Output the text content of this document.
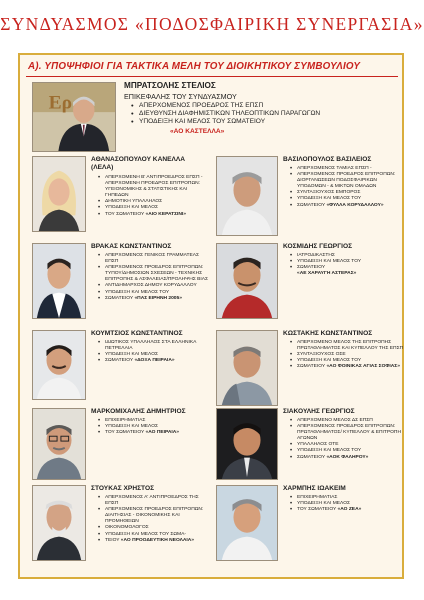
ΣΥΝΔΥΑΣΜΟΣ «ΠΟΔΟΣΦΑΙΡΙΚΗ ΣΥΝΕΡΓΑΣΙΑ»
Α). ΥΠΟΨΗΦΙΟΙ ΓΙΑ ΤΑΚΤΙΚΑ ΜΕΛΗ ΤΟΥ ΔΙΟΙΚΗΤΙΚΟΥ ΣΥΜΒΟΥΛΙΟΥ
Ερ
ΜΠΡΑΤΣΟΛΗΣ ΣΤΕΛΙΟΣ
ΕΠΙΚΕΦΑΛΗΣ ΤΟΥ ΣΥΝΔΥΑΣΜΟΥ
• ΑΠΕΡΧΟΜΕΝΟΣ ΠΡΟΕΔΡΟΣ ΤΗΣ ΕΠΣΠ
• ΔΙΕΥΘΥΝΣΗ ΔΙΑΦΗΜΙΣΤΙΚΩΝ ΤΗΛΕΟΠΤΙΚΩΝ ΠΑΡΑΓΩΓΩΝ
• ΥΠΟΔΕΙΞΗ ΚΑΙ ΜΕΛΟΣ ΤΟΥ ΣΩΜΑΤΕΙΟΥ
«ΑΟ ΚΑΣΤΕΛΛΑ»
ΑΘΑΝΑΣΟΠΟΥΛΟΥ ΚΑΝΕΛΛΑ
(ΛΕΛΑ)
• ΑΠΕΡΧΟΜΕΝΗ Β' ΑΝΤΙΠΡΟΕΔΡΟΣ ΕΠΣΠ - ΑΠΕΡΧΟΜΕΝΗ ΠΡΟΕΔΡΟΣ ΕΠΙΤΡΟΠΩΝ: ΥΓΕΙΟΝΟΜΙΚΗΣ & ΣΤΑΤΙΣΤΙΚΗΣ ΚΑΙ ΓΗΠΕΔΩΝ
• ΔΗΜΟΤΙΚΗ ΥΠΑΛΛΗΛΟΣ
• ΥΠΟΔΕΙΞΗ ΚΑΙ ΜΕΛΟΣ
• ΤΟΥ ΣΩΜΑΤΕΙΟΥ «ΑΙΟ ΚΕΡΑΤΣΙΝΙ»
ΒΡΑΚΑΣ ΚΩΝΣΤΑΝΤΙΝΟΣ
• ΑΠΕΡΧΟΜΕΝΟΣ ΓΕΝΙΚΟΣ ΓΡΑΜΜΑΤΕΑΣ ΕΠΣΠ
• ΑΠΕΡΧΟΜΕΝΟΣ ΠΡΟΕΔΡΟΣ ΕΠΙΤΡΟΠΩΝ: ΤΥΠΟΥ/ΔΗΜΟΣΙΩΝ ΣΧΕΣΕΩΝ - ΤΕΧΝΙΚΗΣ ΕΠΙΤΡΟΠΗΣ & ΑΣΦΑΛΕΙΑΣ/ΠΡΟΛΗΨΗΣ ΒΙΑΣ
• ΑΝΤΙΔΗΜΑΡΧΟΣ ΔΗΜΟΥ ΚΟΡΥΔΑΛΛΟΥ
• ΥΠΟΔΕΙΞΗ ΚΑΙ ΜΕΛΟΣ ΤΟΥ
• ΣΩΜΑΤΕΙΟΥ «ΠΑΣ ΕΙΡΗΝΗ 2005»
ΚΟΥΜΤΣΙΟΣ ΚΩΝΣΤΑΝΤΙΝΟΣ
• ΙΔΙΩΤΙΚΟΣ ΥΠΑΛΛΗΛΟΣ ΣΤΑ ΕΛΛΗΝΙΚΑ ΠΕΤΡΕΛΑΙΑ
• ΥΠΟΔΕΙΞΗ ΚΑΙ ΜΕΛΟΣ
• ΣΩΜΑΤΕΙΟΥ «ΔΟΞΑ ΠΕΙΡΑΙΑ»
ΜΑΡΚΟΜΙΧΑΛΗΣ ΔΗΜΗΤΡΙΟΣ
• ΕΠΙΧΕΙΡΗΜΑΤΙΑΣ
• ΥΠΟΔΕΙΞΗ ΚΑΙ ΜΕΛΟΣ
• ΤΟΥ ΣΩΜΑΤΕΙΟΥ «ΑΟ ΠΕΙΡΑΙΑ»
ΣΤΟΥΚΑΣ ΧΡΗΣΤΟΣ
• ΑΠΕΡΧΟΜΕΝΟΣ Α' ΑΝΤΙΠΡΟΕΔΡΟΣ ΤΗΣ ΕΠΣΠ
• ΑΠΕΡΧΟΜΕΝΟΣ ΠΡΟΕΔΡΟΣ ΕΠΙΤΡΟΠΩΝ: ΔΙΑΙΤΗΣΙΑΣ - ΟΙΚΟΝΟΜΙΚΗΣ ΚΑΙ ΠΡΟΜΗΘΕΙΩΝ
• ΟΙΚΟΝΟΜΟΛΟΓΟΣ
• ΥΠΟΔΕΙΞΗ ΚΑΙ ΜΕΛΟΣ ΤΟΥ ΣΩΜΑ-
• ΤΕΙΟΥ «ΑΟ ΠΡΟΟΔΕΥΤΙΚΗ ΝΕΟΛΑΙΑ»
ΒΑΣΙΛΟΠΟΥΛΟΣ ΒΑΣΙΛΕΙΟΣ
• ΑΠΕΡΧΟΜΕΝΟΣ ΤΑΜΙΑΣ ΕΠΣΠ -
• ΑΠΕΡΧΟΜΕΝΟΣ ΠΡΟΕΔΡΟΣ ΕΠΙΤΡΟΠΩΝ: ΔΙΟΡΓΑΝΩΣΕΩΝ ΠΟΔΟΣΦΑΙΡΙΚΩΝ ΥΠΟΔΟΜΩΝ - & ΜΙΚΤΩΝ ΟΜΑΔΩΝ
• ΣΥΝΤΑΞΙΟΥΧΟΣ ΕΜΠΟΡΟΣ
• ΥΠΟΔΕΙΞΗ ΚΑΙ ΜΕΛΟΣ ΤΟΥ
• ΣΩΜΑΤΕΙΟΥ «ΦΥΛΛΑ ΚΟΡΥΔΑΛΛΟΥ»
ΚΟΣΜΙΔΗΣ ΓΕΩΡΓΙΟΣ
• ΙΑΤΡΟΔΙΚΑΣΤΗΣ
• ΥΠΟΔΕΙΞΗ ΚΑΙ ΜΕΛΟΣ ΤΟΥ
• ΣΩΜΑΤΕΙΟΥ
«ΑΕ ΧΑΡΑΥΓΗ ΑΣΤΕΡΑΣ»
ΚΩΣΤΑΚΗΣ ΚΩΝΣΤΑΝΤΙΝΟΣ
• ΑΠΕΡΧΟΜΕΝΟ ΜΕΛΟΣ ΤΗΣ ΕΠΙΤΡΟΠΗΣ ΠΡΩΤΑΘΛΗΜΑΤΟΣ ΚΑΙ ΚΥΠΕΛΛΟΥ ΤΗΣ ΕΠΣΠ
• ΣΥΝΤΑΞΙΟΥΧΟΣ ΟΣΕ
• ΥΠΟΔΕΙΞΗ ΚΑΙ ΜΕΛΟΣ ΤΟΥ
• ΣΩΜΑΤΕΙΟΥ «ΑΟ ΦΟΙΝΙΚΑΣ ΑΓΙΑΣ ΣΟΦΙΑΣ»
ΣΙΑΚΟΥΛΗΣ ΓΕΩΡΓΙΟΣ
• ΑΠΕΡΧΟΜΕΝΟ ΜΕΛΟΣ ΔΣ ΕΠΣΠ
• ΑΠΕΡΧΟΜΕΝΟΣ ΠΡΟΕΔΡΟΣ ΕΠΙΤΡΟΠΩΝ: ΠΡΩΤΑΘΛΗΜΑΤΟΣ/ ΚΥΠΕΛΛΟΥ & ΕΠΙΤΡΟΠΗ ΑΓΩΝΩΝ
• ΥΠΑΛΛΗΛΟΣ ΟΤΕ
• ΥΠΟΔΕΙΞΗ ΚΑΙ ΜΕΛΟΣ ΤΟΥ
• ΣΩΜΑΤΕΙΟΥ «ΑΟΚ ΦΑΛΗΡΟΥ»
ΧΑΡΜΠΗΣ ΙΩΑΚΕΙΜ
• ΕΠΙΧΕΙΡΗΜΑΤΙΑΣ
• ΥΠΟΔΕΙΞΗ ΚΑΙ ΜΕΛΟΣ
• ΤΟΥ ΣΩΜΑΤΕΙΟΥ «ΑΟ ΖΕΑ»
